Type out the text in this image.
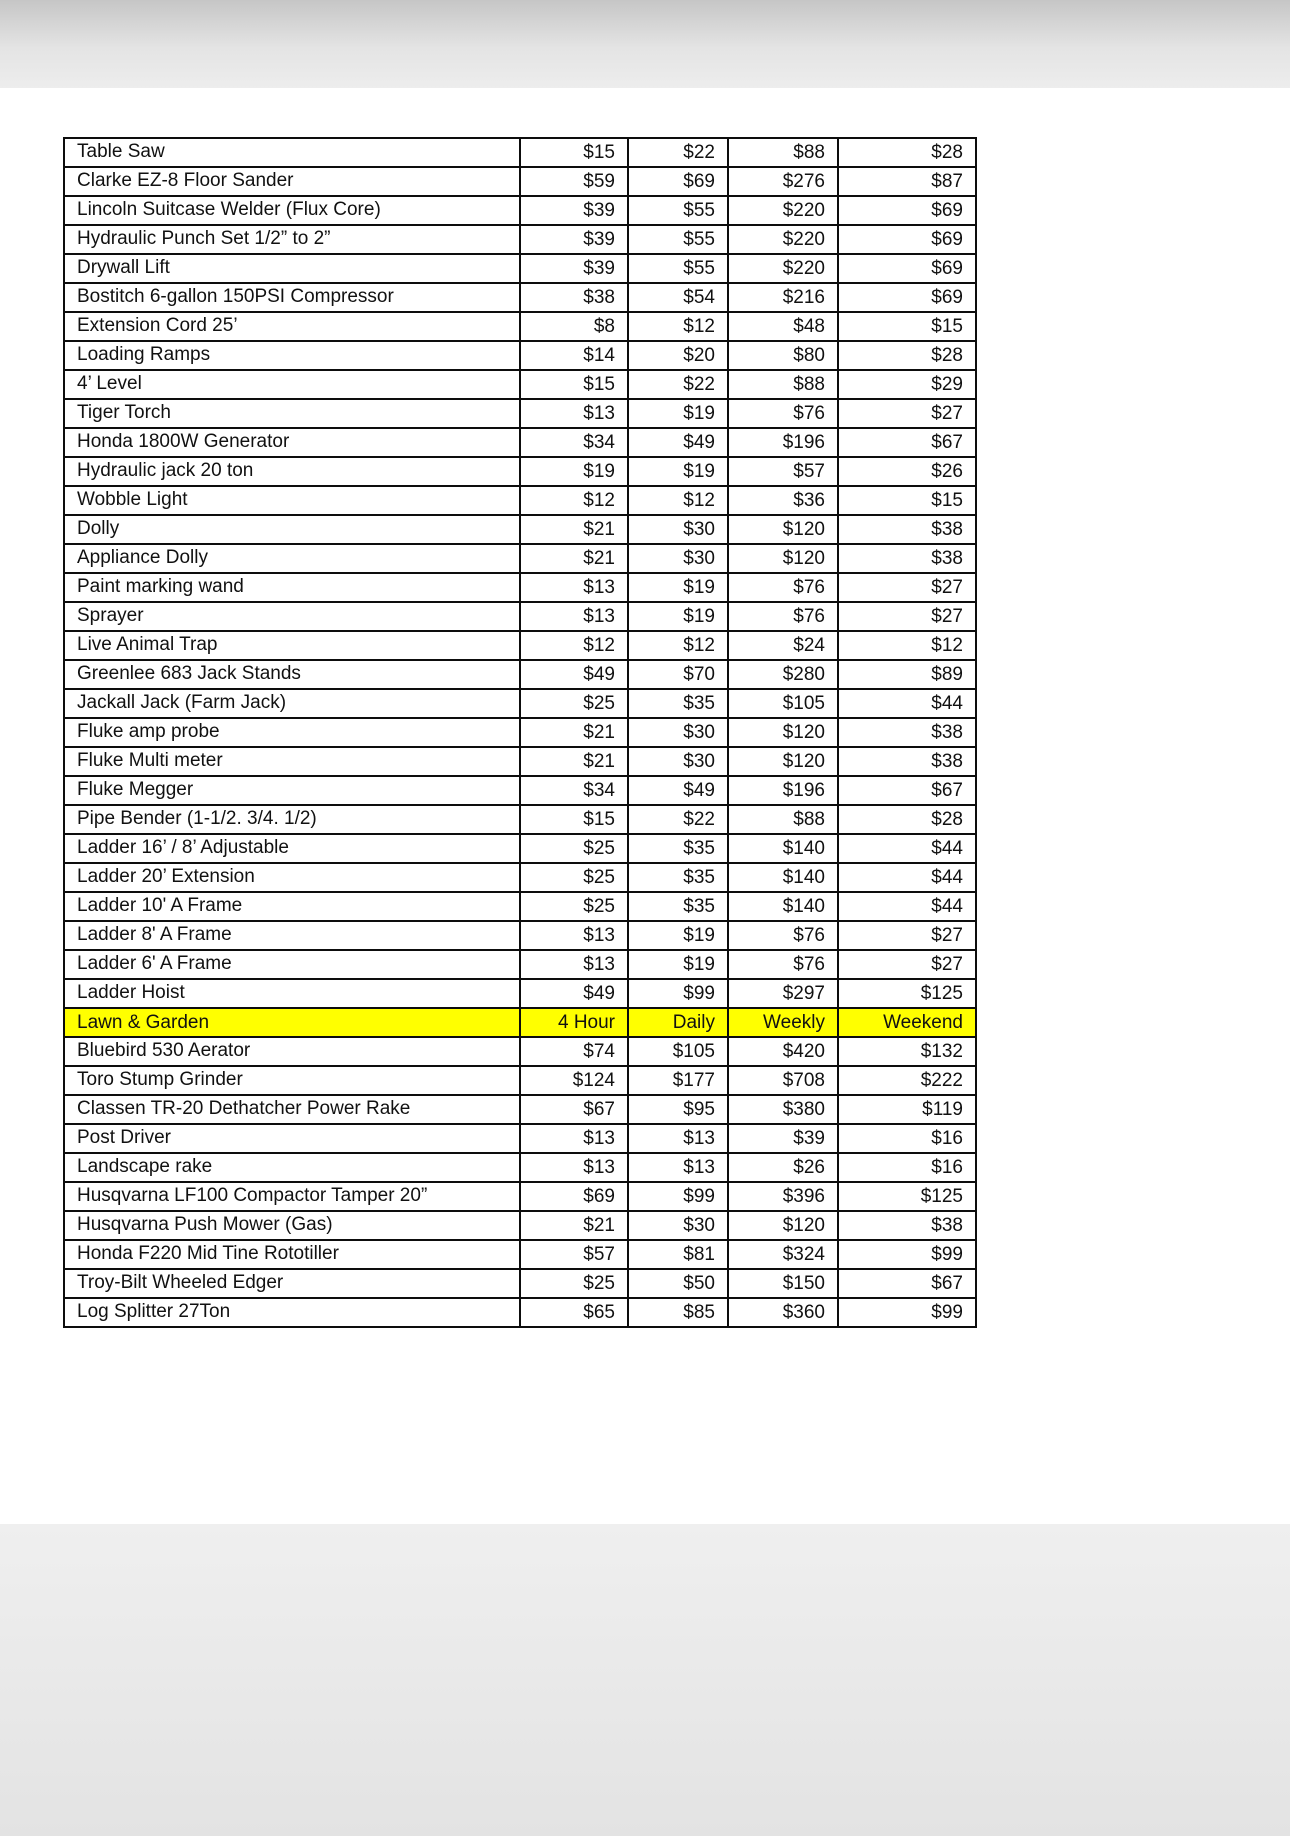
Table Saw	$15	$22	$88	$28
Clarke EZ-8 Floor Sander	$59	$69	$276	$87
Lincoln Suitcase Welder (Flux Core)	$39	$55	$220	$69
Hydraulic Punch Set 1/2” to 2”	$39	$55	$220	$69
Drywall Lift	$39	$55	$220	$69
Bostitch 6-gallon 150PSI Compressor	$38	$54	$216	$69
Extension Cord 25’	$8	$12	$48	$15
Loading Ramps	$14	$20	$80	$28
4’ Level	$15	$22	$88	$29
Tiger Torch	$13	$19	$76	$27
Honda 1800W Generator	$34	$49	$196	$67
Hydraulic jack 20 ton	$19	$19	$57	$26
Wobble Light	$12	$12	$36	$15
Dolly	$21	$30	$120	$38
Appliance Dolly	$21	$30	$120	$38
Paint marking wand	$13	$19	$76	$27
Sprayer	$13	$19	$76	$27
Live Animal Trap	$12	$12	$24	$12
Greenlee 683 Jack Stands	$49	$70	$280	$89
Jackall Jack (Farm Jack)	$25	$35	$105	$44
Fluke amp probe	$21	$30	$120	$38
Fluke Multi meter	$21	$30	$120	$38
Fluke Megger	$34	$49	$196	$67
Pipe Bender (1-1/2. 3/4. 1/2)	$15	$22	$88	$28
Ladder 16’ / 8’ Adjustable	$25	$35	$140	$44
Ladder 20’ Extension	$25	$35	$140	$44
Ladder 10' A Frame	$25	$35	$140	$44
Ladder 8' A Frame	$13	$19	$76	$27
Ladder 6' A Frame	$13	$19	$76	$27
Ladder Hoist	$49	$99	$297	$125
Lawn & Garden	4 Hour	Daily	Weekly	Weekend
Bluebird 530 Aerator	$74	$105	$420	$132
Toro Stump Grinder	$124	$177	$708	$222
Classen TR-20 Dethatcher Power Rake	$67	$95	$380	$119
Post Driver	$13	$13	$39	$16
Landscape rake	$13	$13	$26	$16
Husqvarna LF100 Compactor Tamper 20”	$69	$99	$396	$125
Husqvarna Push Mower (Gas)	$21	$30	$120	$38
Honda F220 Mid Tine Rototiller	$57	$81	$324	$99
Troy-Bilt Wheeled Edger	$25	$50	$150	$67
Log Splitter 27Ton	$65	$85	$360	$99
